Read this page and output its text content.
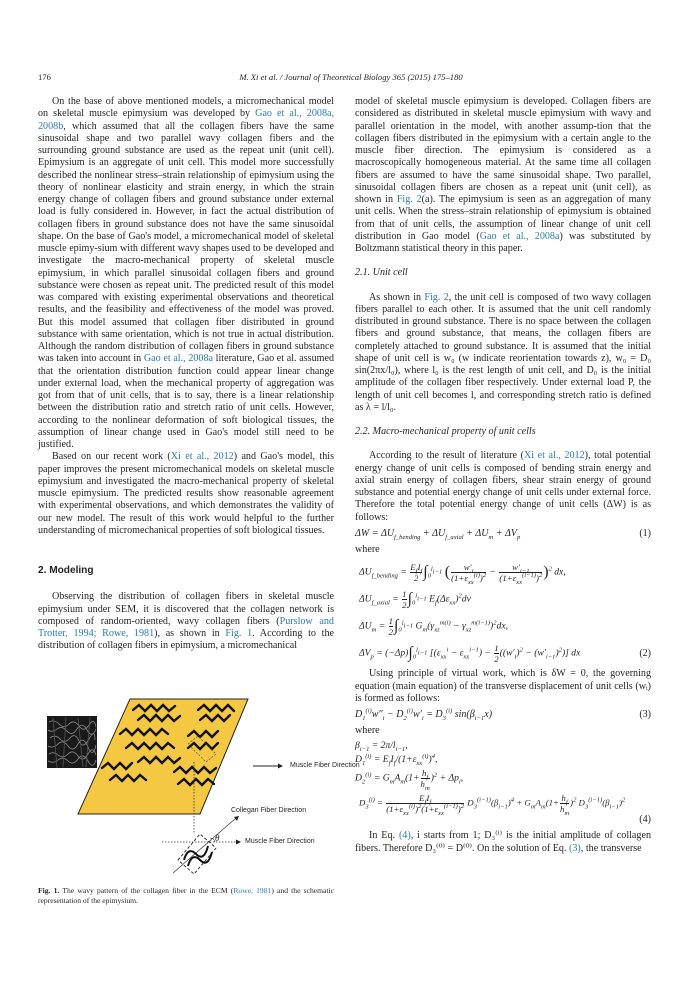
176	M. Xi et al. / Journal of Theoretical Biology 365 (2015) 175–180

On the base of above mentioned models, a micromechanical model on skeletal muscle epimysium was developed by Gao et al., 2008a, 2008b, which assumed that all the collagen fibers have the same sinusoidal shape and two parallel wavy collagen fibers and the surrounding ground substance are used as the repeat unit (unit cell). Epimysium is an aggregate of unit cell. This model more successfully described the nonlinear stress–strain relationship of epimysium using the theory of nonlinear elasticity and strain energy, in which the strain energy change of collagen fibers and ground substance under external load is fully considered in. However, in fact the actual distribution of collagen fibers in ground substance does not have the same sinusoidal shape. On the base of Gao's model, a micromechanical model of skeletal muscle epimy-sium with different wavy shapes used to be developed and investigate the macro-mechanical property of skeletal muscle epimysium, in which parallel sinusoidal collagen fibers and ground substance were chosen as repeat unit. The predicted result of this model was compared with existing experimental observations and theoretical results, and the feasibility and effectiveness of the model was proved. But this model assumed that collagen fiber distributed in ground substance with same orientation, which is not true in actual distribution. Although the random distribution of collagen fibers in ground substance was taken into account in Gao et al., 2008a literature, Gao et al. assumed that the orientation distribution function could appear linear change under external load, when the mechanical property of aggregation was got from that of unit cells, that is to say, there is a linear relationship between the distribution ratio and stretch ratio of unit cells. However, according to the nonlinear deformation of soft biological tissues, the assumption of linear change used in Gao's model still need to be justified.

Based on our recent work (Xi et al., 2012) and Gao's model, this paper improves the present micromechanical models on skeletal muscle epimysium and investigated the macro-mechanical property of skeletal muscle epimysium. The predicted results show reasonable agreement with experimental observations, and which demonstrates the validity of our new model. The result of this work would helpful to the further understanding of micromechanical properties of soft biological tissues.

2. Modeling

Observing the distribution of collagen fibers in skeletal muscle epimysium under SEM, it is discovered that the collagen network is composed of random-oriented, wavy collagen fibers (Purslow and Trotter, 1994; Rowe, 1981), as shown in Fig. 1. According to the distribution of collagen fibers in epimysium, a micromechanical

Muscle Fiber Direction
Collegan Fiber Direction
Muscle Fiber Direction
θ
Fig. 1. The wavy pattern of the collagen fiber in the ECM (Rowe, 1981) and the schematic representation of the epimysium.

model of skeletal muscle epimysium is developed. Collagen fibers are considered as distributed in skeletal muscle epimysium with wavy and parallel orientation in the model, with another assump-tion that the collagen fibers distributed in the epimysium with a certain angle to the muscle fiber direction. The epimysium is considered as a macroscopically homogeneous material. At the same time all collagen fibers are assumed to have the same sinusoidal shape. Two parallel, sinusoidal collagen fibers are chosen as a repeat unit (unit cell), as shown in Fig. 2(a). The epimysium is seen as an aggregation of many unit cells. When the stress–strain relationship of epimysium is obtained from that of unit cells, the assumption of linear change of unit cell distribution in Gao model (Gao et al., 2008a) was substituted by Boltzmann statistical theory in this paper.

2.1. Unit cell

As shown in Fig. 2, the unit cell is composed of two wavy collagen fibers parallel to each other. It is assumed that the unit cell randomly distributed in ground substance. There is no space between the collagen fibers and ground substance, that means, the collagen fibers are completely attached to ground substance. It is assumed that the initial shape of unit cell is w₀ (w indicate reorientation towards z), w₀ = D₀ sin(2πx/l₀), where l₀ is the rest length of unit cell, and D₀ is the initial amplitude of the collagen fiber respectively. Under external load P, the length of unit cell becomes l, and corresponding stretch ratio is defined as λ = l/l₀.

2.2. Macro-mechanical property of unit cells

According to the result of literature (Xi et al., 2012), total potential energy change of unit cells is composed of bending strain energy and axial strain energy of collagen fibers, shear strain energy of ground substance and potential energy change of unit cells under external force. Therefore the total potential energy change of unit cells (ΔW) is as follows:

$\Delta W = \Delta U_{f\_bending} + \Delta U_{f\_axial} + \Delta U_m + \Delta V_p$	(1)
where
$\Delta U_{f\_bending} = \frac{E_fI_f}{2} \int_0^{l_{i-1}}$ ( $\frac{w'_i}{(1+\varepsilon_{xx}^{(i)})^2} - \frac{w'_{i-1}}{(1+\varepsilon_{xx}^{(i-1)})^2} )^2$ dx,
$\Delta U_{f\_axial} = \frac{1}{2} \int_0^{l_{i-1}}$ $E_f(\Delta\varepsilon_{xx})^2dv$
$\Delta U_m = \frac{1}{2} \int_0^{l_{i-1}}$ $G_m(\gamma_{xz}^{m(i)} - \gamma_{xz}^{m(i-1)})^2dx$,
$\Delta V_p = (-\Delta p)\int_0^{l_{i-1}}$ $[(\varepsilon_{xx}^i - \varepsilon_{xx}^{i-1}) - \frac{1}{2} ((w'_i)^2 - (w'_{i-1})^2)]$ dx	(2)

Using principle of virtual work, which is δW = 0, the governing equation (main equation) of the transverse displacement of unit cells (wᵢ) is formed as follows:

$D_1^{(i)}w''_i - D_2^{(i)}w'_i = D_3^{(i)}$ $\sin(\beta_{i-1}x)$	(3)
where
$\beta_{i-1} = 2\pi/l_{i-1}$,
$D_1^{(i)} = E_fI_f/(1+\varepsilon_{xx}^{(i)})^4$,
$D_2^{(i)} = G_mA_m(1+ \frac{h_f}{h_m} )^2 + \Delta p_i$,
$D_3^{(i)} = \frac{E_fI_f}{(1+\varepsilon_{xx}^{(i)})^2(1+\varepsilon_{xx}^{(i-1)})^2} D_3^{(i-1)}(\beta_{i-1})^4 + G_mA_m(1+ \frac{h_f}{h_m} )^2$ $D_3^{(i-1)}(\beta_{i-1})^2$
(4)

In Eq. (4), i starts from 1; D₃⁽ⁱ⁾ is the initial amplitude of collagen fibers. Therefore D₃⁽⁰⁾ = D⁽⁰⁾. On the solution of Eq. (3), the transverse
